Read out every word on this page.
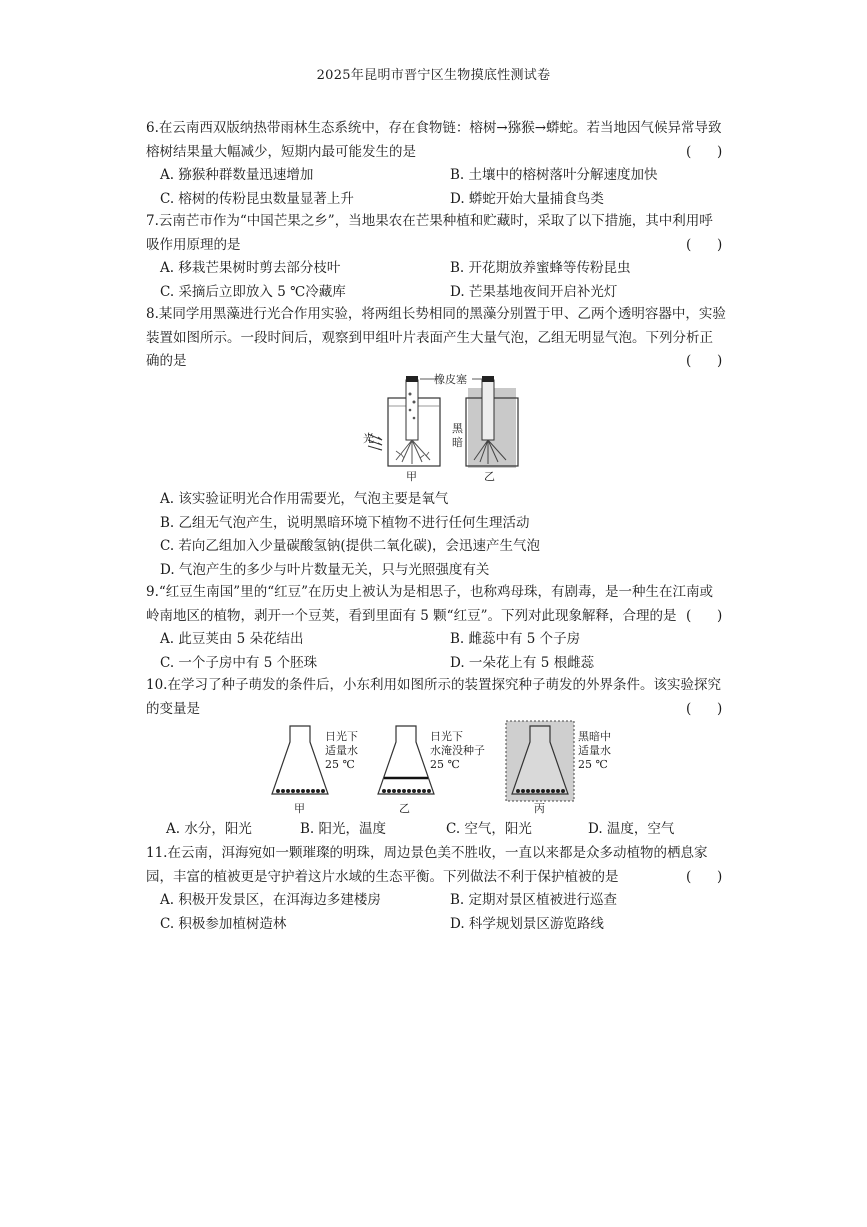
2025年昆明市晋宁区生物摸底性测试卷

6.在云南西双版纳热带雨林生态系统中，存在食物链：榕树→猕猴→蟒蛇。若当地因气候异常导致榕树结果量大幅减少，短期内最可能发生的是	(      )

A. 猕猴种群数量迅速增加	B. 土壤中的榕树落叶分解速度加快
C. 榕树的传粉昆虫数量显著上升	D. 蟒蛇开始大量捕食鸟类

7.云南芒市作为“中国芒果之乡”，当地果农在芒果种植和贮藏时，采取了以下措施，其中利用呼吸作用原理的是	(      )

A. 移栽芒果树时剪去部分枝叶	B. 开花期放养蜜蜂等传粉昆虫
C. 采摘后立即放入 5 ℃冷藏库	D. 芒果基地夜间开启补光灯

8.某同学用黑藻进行光合作用实验，将两组长势相同的黑藻分别置于甲、乙两个透明容器中，实验装置如图所示。一段时间后，观察到甲组叶片表面产生大量气泡，乙组无明显气泡。下列分析正确的是	(      )

橡皮塞
光
黑
暗
甲	乙
A. 该实验证明光合作用需要光，气泡主要是氧气
B. 乙组无气泡产生，说明黑暗环境下植物不进行任何生理活动
C. 若向乙组加入少量碳酸氢钠(提供二氧化碳)，会迅速产生气泡
D. 气泡产生的多少与叶片数量无关，只与光照强度有关

9.“红豆生南国”里的“红豆”在历史上被认为是相思子，也称鸡母珠，有剧毒，是一种生在江南或岭南地区的植物，剥开一个豆荚，看到里面有 5 颗“红豆”。下列对此现象解释，合理的是 (      )

A. 此豆荚由 5 朵花结出	B. 雌蕊中有 5 个子房
C. 一个子房中有 5 个胚珠	D. 一朵花上有 5 根雌蕊

10.在学习了种子萌发的条件后，小东利用如图所示的装置探究种子萌发的外界条件。该实验探究的变量是	(      )

日光下
适量水
25 ℃
甲
日光下
水淹没种子
25 ℃
乙
黑暗中
适量水
25 ℃
丙
A. 水分，阳光	B. 阳光，温度	C. 空气，阳光	D. 温度，空气

11.在云南，洱海宛如一颗璀璨的明珠，周边景色美不胜收，一直以来都是众多动植物的栖息家园，丰富的植被更是守护着这片水域的生态平衡。下列做法不利于保护植被的是	(      )

A. 积极开发景区，在洱海边多建楼房	B. 定期对景区植被进行巡查
C. 积极参加植树造林	D. 科学规划景区游览路线
